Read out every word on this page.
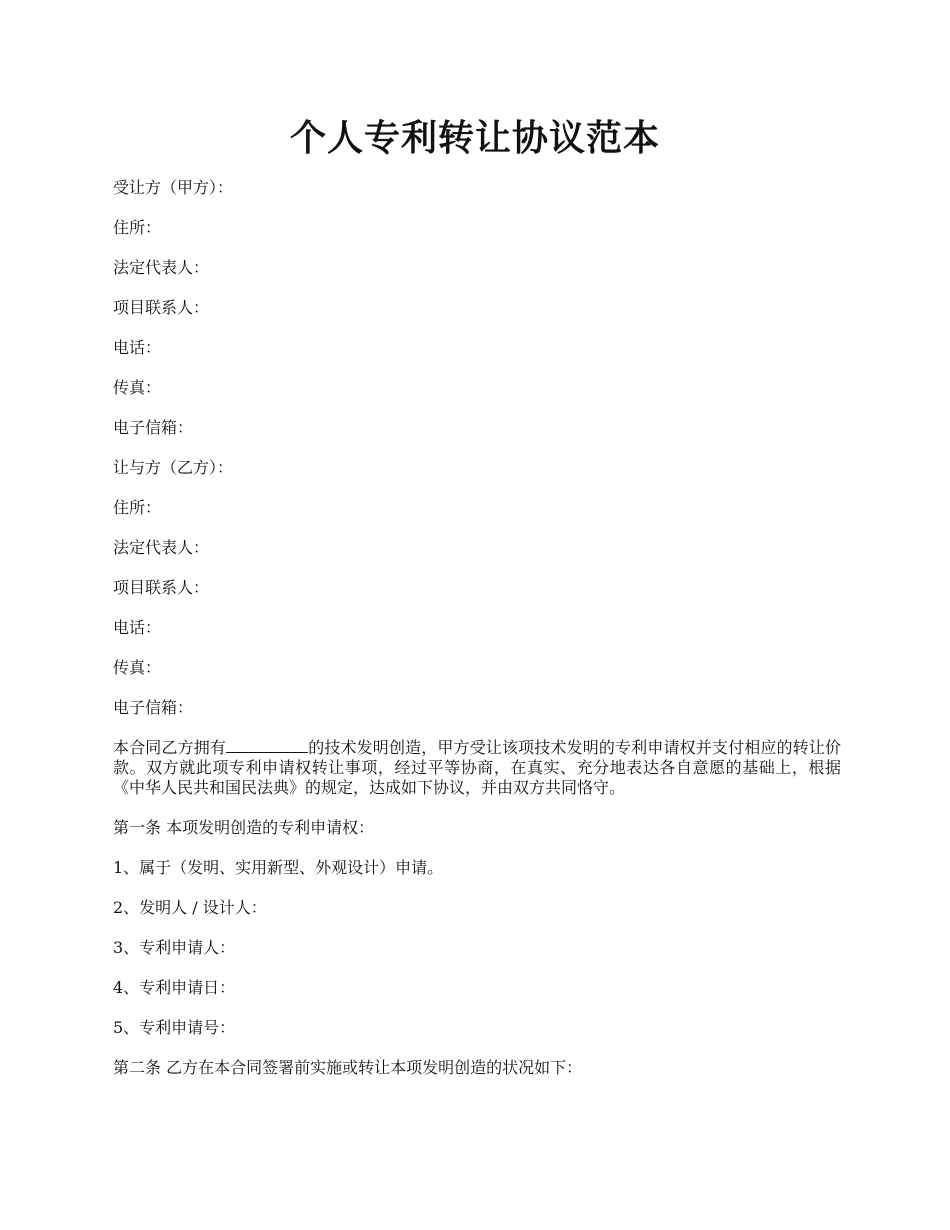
个人专利转让协议范本
受让方（甲方）：
住所：
法定代表人：
项目联系人：
电话：
传真：
电子信箱：
让与方（乙方）：
住所：
法定代表人：
项目联系人：
电话：
传真：
电子信箱：
本合同乙方拥有	的技术发明创造，甲方受让该项技术发明的专利申请权并支付相应的转让价款。双方就此项专利申请权转让事项，经过平等协商，在真实、充分地表达各自意愿的基础上，根据《中华人民共和国民法典》的规定，达成如下协议，并由双方共同恪守。
第一条 本项发明创造的专利申请权：
1、属于（发明、实用新型、外观设计）申请。
2、发明人 / 设计人：
3、专利申请人：
4、专利申请日：
5、专利申请号：
第二条 乙方在本合同签署前实施或转让本项发明创造的状况如下：
